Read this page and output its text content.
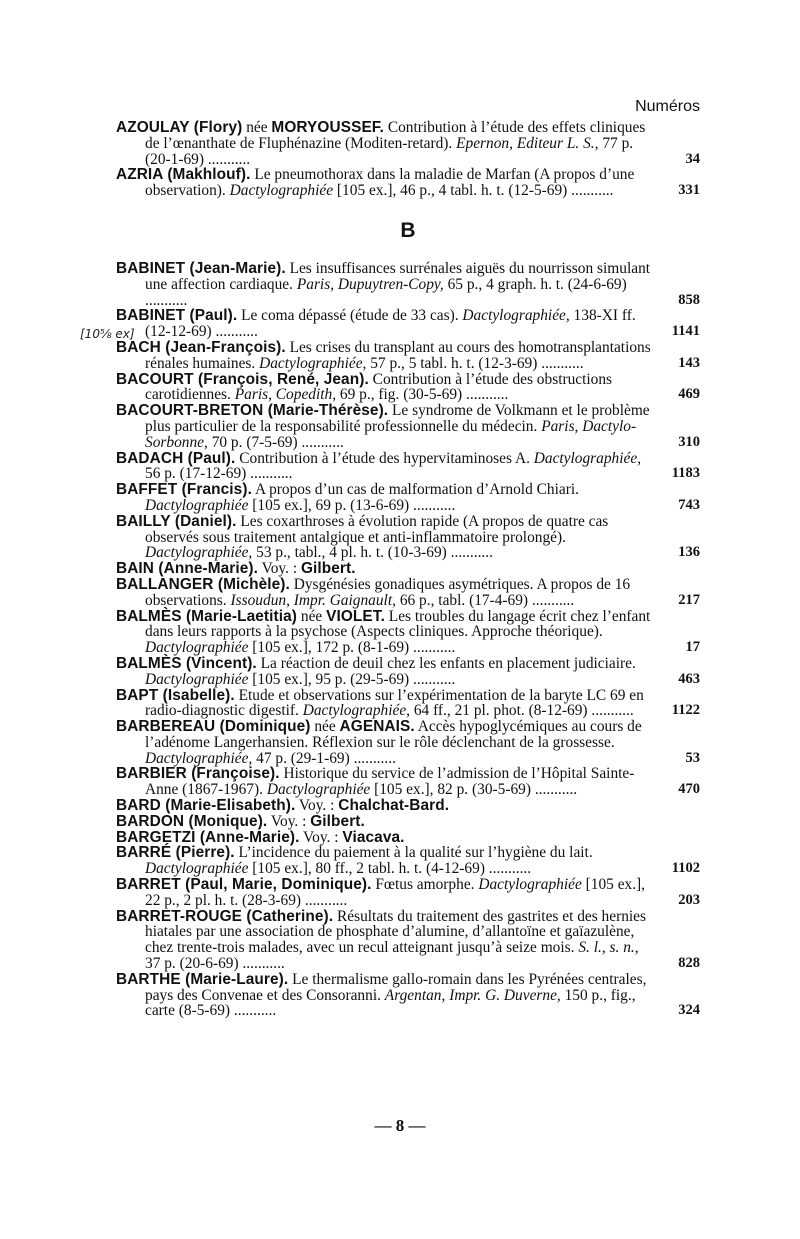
Numéros
[10⅝ ex]
AZOULAY (Flory) née MORYOUSSEF. Contribution à l’étude des effets cliniques de l’œnanthate de Fluphénazine (Moditen-retard). Epernon, Editeur L. S., 77 p. (20-1-69) ...........	34
AZRIA (Makhlouf). Le pneumothorax dans la maladie de Marfan (A propos d’une observation). Dactylographiée [105 ex.], 46 p., 4 tabl. h. t. (12-5-69) ...........	331
B
BABINET (Jean-Marie). Les insuffisances surrénales aiguës du nourrisson simulant une affection cardiaque. Paris, Dupuytren-Copy, 65 p., 4 graph. h. t. (24-6-69) ...........	858
BABINET (Paul). Le coma dépassé (étude de 33 cas). Dactylographiée, 138-XI ff. (12-12-69) ...........	1141
BACH (Jean-François). Les crises du transplant au cours des homotransplantations rénales humaines. Dactylographiée, 57 p., 5 tabl. h. t. (12-3-69) ...........	143
BACOURT (François, René, Jean). Contribution à l’étude des obstructions carotidiennes. Paris, Copedith, 69 p., fig. (30-5-69) ...........	469
BACOURT-BRETON (Marie-Thérèse). Le syndrome de Volkmann et le problème plus particulier de la responsabilité professionnelle du médecin. Paris, Dactylo-Sorbonne, 70 p. (7-5-69) ...........	310
BADACH (Paul). Contribution à l’étude des hypervitaminoses A. Dactylographiée, 56 p. (17-12-69) ...........	1183
BAFFET (Francis). A propos d’un cas de malformation d’Arnold Chiari. Dactylographiée [105 ex.], 69 p. (13-6-69) ...........	743
BAILLY (Daniel). Les coxarthroses à évolution rapide (A propos de quatre cas observés sous traitement antalgique et anti-inflammatoire prolongé). Dactylographiée, 53 p., tabl., 4 pl. h. t. (10-3-69) ...........	136
BAIN (Anne-Marie). Voy. : Gilbert.
BALLANGER (Michèle). Dysgénésies gonadiques asymétriques. A propos de 16 observations. Issoudun, Impr. Gaignault, 66 p., tabl. (17-4-69) ...........	217
BALMÈS (Marie-Laetitia) née VIOLET. Les troubles du langage écrit chez l’enfant dans leurs rapports à la psychose (Aspects cliniques. Approche théorique). Dactylographiée [105 ex.], 172 p. (8-1-69) ...........	17
BALMÈS (Vincent). La réaction de deuil chez les enfants en placement judiciaire. Dactylographiée [105 ex.], 95 p. (29-5-69) ...........	463
BAPT (Isabelle). Etude et observations sur l’expérimentation de la baryte LC 69 en radio-diagnostic digestif. Dactylographiée, 64 ff., 21 pl. phot. (8-12-69) ...........	1122
BARBEREAU (Dominique) née AGENAIS. Accès hypoglycémiques au cours de l’adénome Langerhansien. Réflexion sur le rôle déclenchant de la grossesse. Dactylographiée, 47 p. (29-1-69) ...........	53
BARBIER (Françoise). Historique du service de l’admission de l’Hôpital Sainte-Anne (1867-1967). Dactylographiée [105 ex.], 82 p. (30-5-69) ...........	470
BARD (Marie-Elisabeth). Voy. : Chalchat-Bard.
BARDON (Monique). Voy. : Gilbert.
BARGETZI (Anne-Marie). Voy. : Viacava.
BARRÉ (Pierre). L’incidence du paiement à la qualité sur l’hygiène du lait. Dactylographiée [105 ex.], 80 ff., 2 tabl. h. t. (4-12-69) ...........	1102
BARRET (Paul, Marie, Dominique). Fœtus amorphe. Dactylographiée [105 ex.], 22 p., 2 pl. h. t. (28-3-69) ...........	203
BARRET-ROUGE (Catherine). Résultats du traitement des gastrites et des hernies hiatales par une association de phosphate d’alumine, d’allantoïne et gaïazulène, chez trente-trois malades, avec un recul atteignant jusqu’à seize mois. S. l., s. n., 37 p. (20-6-69) ...........	828
BARTHE (Marie-Laure). Le thermalisme gallo-romain dans les Pyrénées centrales, pays des Convenae et des Consoranni. Argentan, Impr. G. Duverne, 150 p., fig., carte (8-5-69) ...........	324
— 8 —
